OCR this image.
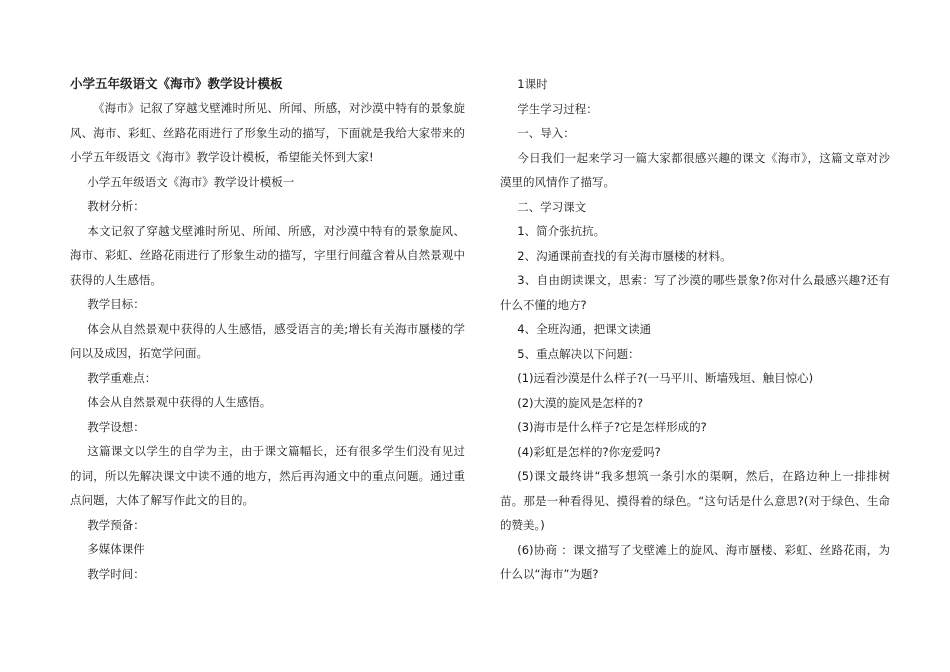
小学五年级语文《海市》教学设计模板

《海市》记叙了穿越戈壁滩时所见、所闻、所感，对沙漠中特有的景象旋风、海市、彩虹、丝路花雨进行了形象生动的描写，下面就是我给大家带来的小学五年级语文《海市》教学设计模板，希望能关怀到大家!

小学五年级语文《海市》教学设计模板一

教材分析：

本文记叙了穿越戈壁滩时所见、所闻、所感，对沙漠中特有的景象旋风、海市、彩虹、丝路花雨进行了形象生动的描写，字里行间蕴含着从自然景观中获得的人生感悟。

教学目标：

体会从自然景观中获得的人生感悟，感受语言的美;增长有关海市蜃楼的学问以及成因，拓宽学问面。

教学重难点：

体会从自然景观中获得的人生感悟。

教学设想：

这篇课文以学生的自学为主，由于课文篇幅长，还有很多学生们没有见过的词，所以先解决课文中读不通的地方，然后再沟通文中的重点问题。通过重点问题，大体了解写作此文的目的。

教学预备：

多媒体课件

教学时间：

1课时

学生学习过程：

一、导入：

今日我们一起来学习一篇大家都很感兴趣的课文《海市》，这篇文章对沙漠里的风情作了描写。

二、学习课文

1、简介张抗抗。

2、沟通课前查找的有关海市蜃楼的材料。

3、自由朗读课文，思索：写了沙漠的哪些景象?你对什么最感兴趣?还有什么不懂的地方?

4、全班沟通，把课文读通

5、重点解决以下问题：

(1)远看沙漠是什么样子?(一马平川、断墙残垣、触目惊心)

(2)大漠的旋风是怎样的?

(3)海市是什么样子?它是怎样形成的?

(4)彩虹是怎样的?你宠爱吗?

(5)课文最终讲“我多想筑一条引水的渠啊，然后，在路边种上一排排树苗。那是一种看得见、摸得着的绿色。“这句话是什么意思?(对于绿色、生命的赞美。)

(6)协商 ：课文描写了戈壁滩上的旋风、海市蜃楼、彩虹、丝路花雨，为什么以“海市”为题?
